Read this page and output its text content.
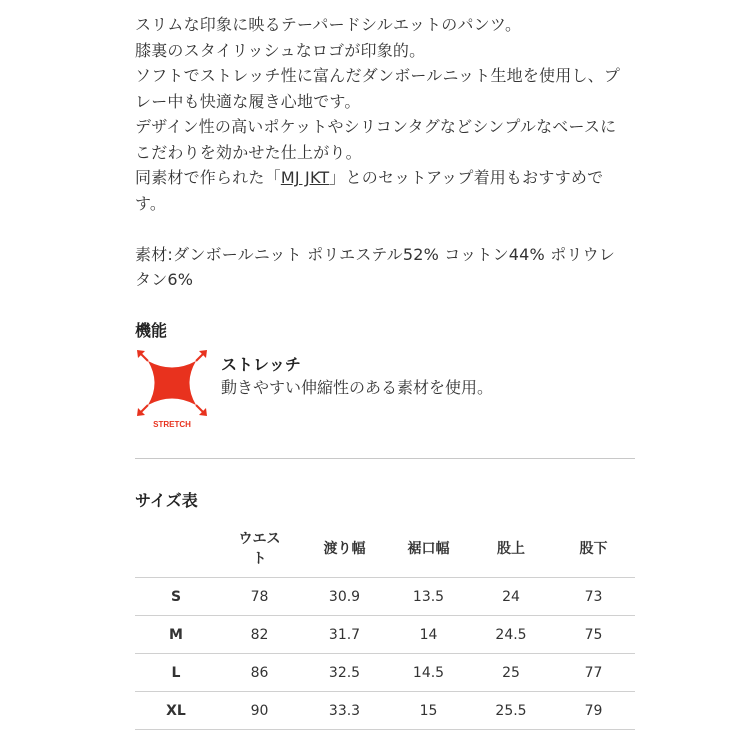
スリムな印象に映るテーパードシルエットのパンツ。
膝裏のスタイリッシュなロゴが印象的。
ソフトでストレッチ性に富んだダンボールニット生地を使用し、プ
レー中も快適な履き心地です。
デザイン性の高いポケットやシリコンタグなどシンプルなベースに
こだわりを効かせた仕上がり。
同素材で作られた「MJ JKT」とのセットアップ着用もおすすめで
す。
素材:ダンボールニット ポリエステル52% コットン44% ポリウレ
タン6%

機能
STRETCH
ストレッチ
動きやすい伸縮性のある素材を使用。
サイズ表
	ウエスト	渡り幅	裾口幅	股上	股下
S	78	30.9	13.5	24	73
M	82	31.7	14	24.5	75
L	86	32.5	14.5	25	77
XL	90	33.3	15	25.5	79
